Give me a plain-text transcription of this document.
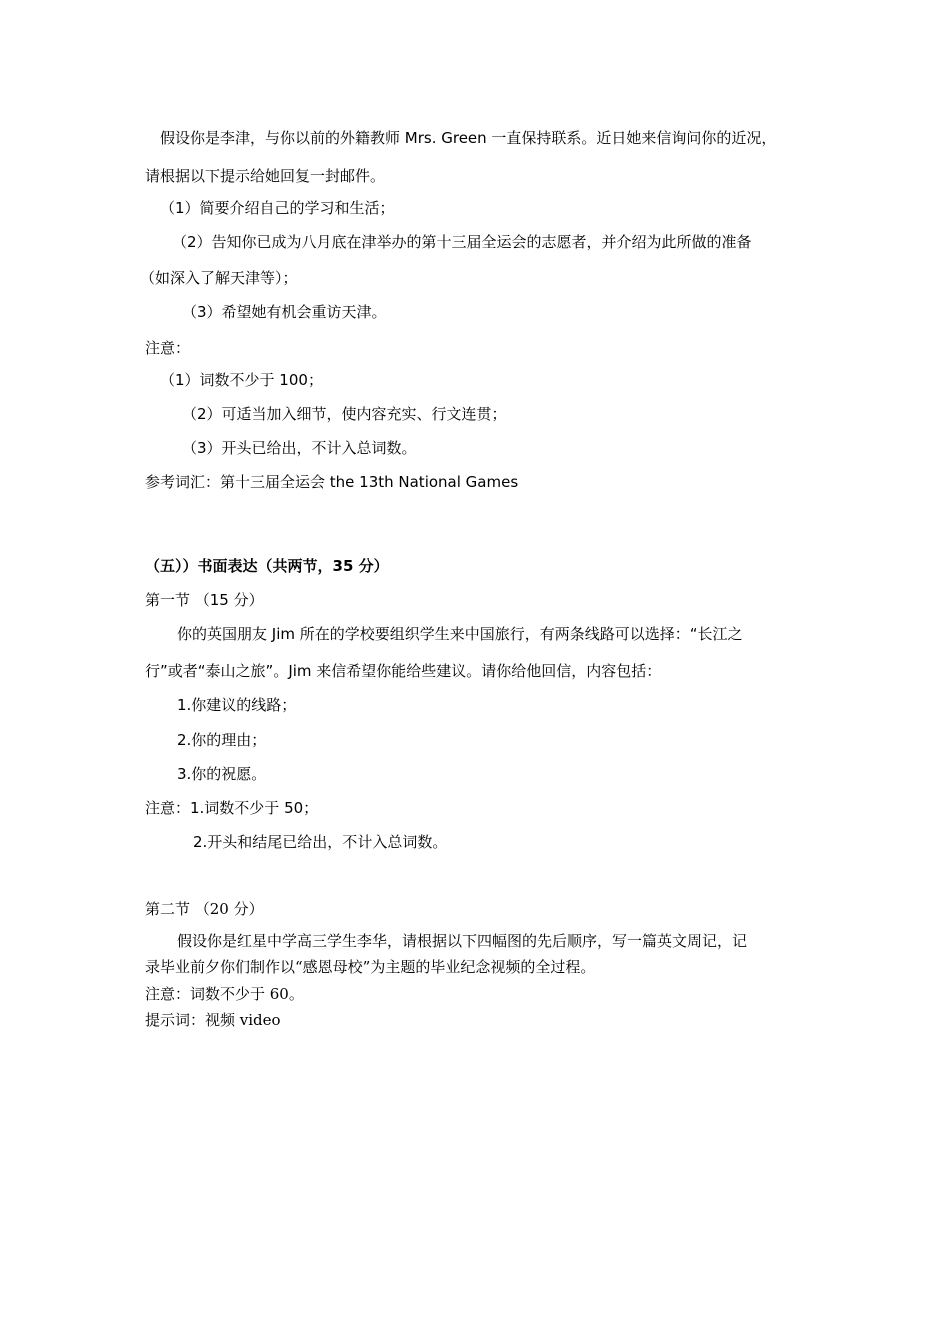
假设你是李津，与你以前的外籍教师 Mrs. Green 一直保持联系。近日她来信询问你的近况，
请根据以下提示给她回复一封邮件。
（1）简要介绍自己的学习和生活；
（2）告知你已成为八月底在津举办的第十三届全运会的志愿者，并介绍为此所做的准备
（如深入了解天津等）；
（3）希望她有机会重访天津。
注意：
（1）词数不少于 100；
（2）可适当加入细节，使内容充实、行文连贯；
（3）开头已给出，不计入总词数。
参考词汇：第十三届全运会 the 13th National Games
（五））书面表达（共两节，35 分）
第一节 （15 分）
你的英国朋友 Jim 所在的学校要组织学生来中国旅行，有两条线路可以选择：“长江之
行”或者“泰山之旅”。Jim 来信希望你能给些建议。请你给他回信，内容包括：
1.你建议的线路；
2.你的理由；
3.你的祝愿。
注意：1.词数不少于 50；
2.开头和结尾已给出，不计入总词数。
第二节 （20 分）
假设你是红星中学高三学生李华，请根据以下四幅图的先后顺序，写一篇英文周记，记
录毕业前夕你们制作以“感恩母校”为主题的毕业纪念视频的全过程。
注意：词数不少于 60。
提示词：视频 video
